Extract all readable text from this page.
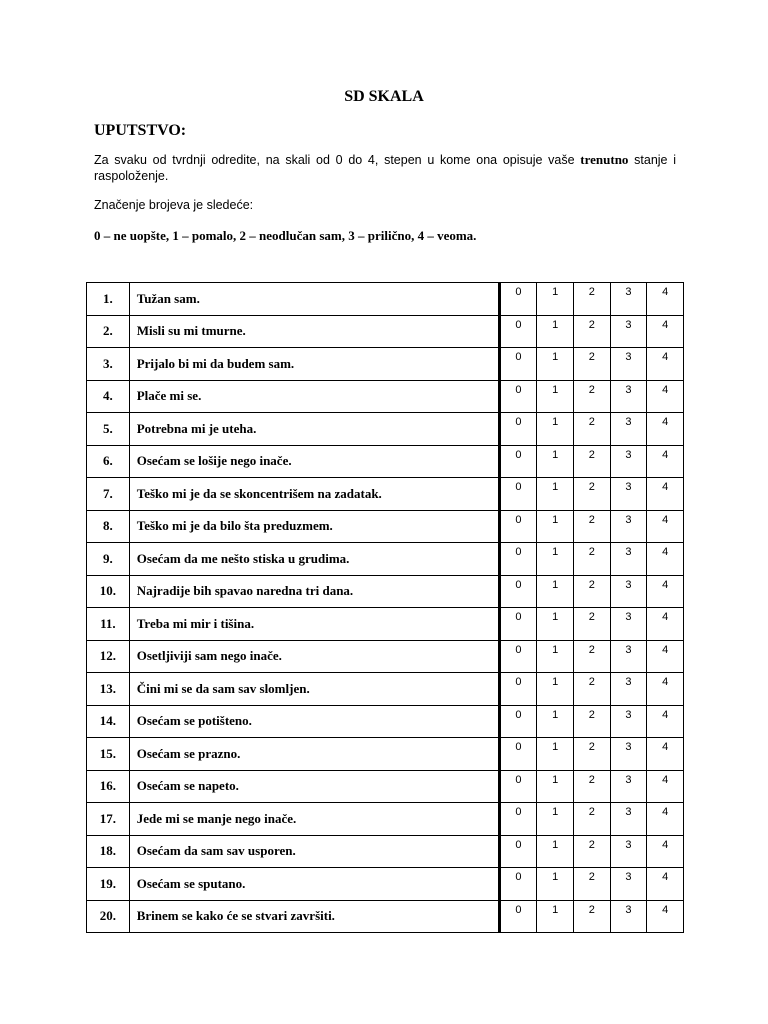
SD SKALA
UPUTSTVO:
Za svaku od tvrdnji odredite, na skali od 0 do 4, stepen u kome ona opisuje vaše trenutno stanje i raspoloženje.
Značenje brojeva je sledeće:
0 – ne uopšte, 1 – pomalo, 2 – neodlučan sam, 3 – prilično, 4 – veoma.
1.	Tužan sam.	0	1	2	3	4
2.	Misli su mi tmurne.	0	1	2	3	4
3.	Prijalo bi mi da budem sam.	0	1	2	3	4
4.	Plače mi se.	0	1	2	3	4
5.	Potrebna mi je uteha.	0	1	2	3	4
6.	Osećam se lošije nego inače.	0	1	2	3	4
7.	Teško mi je da se skoncentrišem na zadatak.	0	1	2	3	4
8.	Teško mi je da bilo šta preduzmem.	0	1	2	3	4
9.	Osećam da me nešto stiska u grudima.	0	1	2	3	4
10.	Najradije bih spavao naredna tri dana.	0	1	2	3	4
11.	Treba mi mir i tišina.	0	1	2	3	4
12.	Osetljiviji sam nego inače.	0	1	2	3	4
13.	Čini mi se da sam sav slomljen.	0	1	2	3	4
14.	Osećam se potišteno.	0	1	2	3	4
15.	Osećam se prazno.	0	1	2	3	4
16.	Osećam se napeto.	0	1	2	3	4
17.	Jede mi se manje nego inače.	0	1	2	3	4
18.	Osećam da sam sav usporen.	0	1	2	3	4
19.	Osećam se sputano.	0	1	2	3	4
20.	Brinem se kako će se stvari završiti.	0	1	2	3	4
